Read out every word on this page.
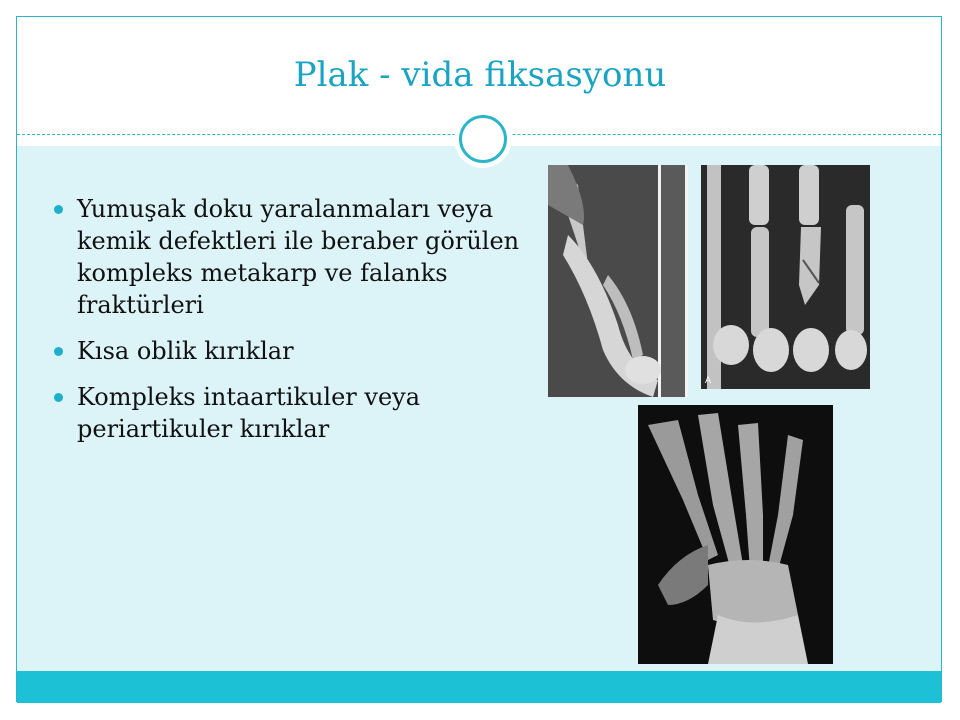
Plak - vida fiksasyonu
Yumuşak doku yaralanmaları veya kemik defektleri ile beraber görülen kompleks metakarp ve falanks fraktürleri
Kısa oblik kırıklar
Kompleks intaartikuler veya periartikuler kırıklar
A
